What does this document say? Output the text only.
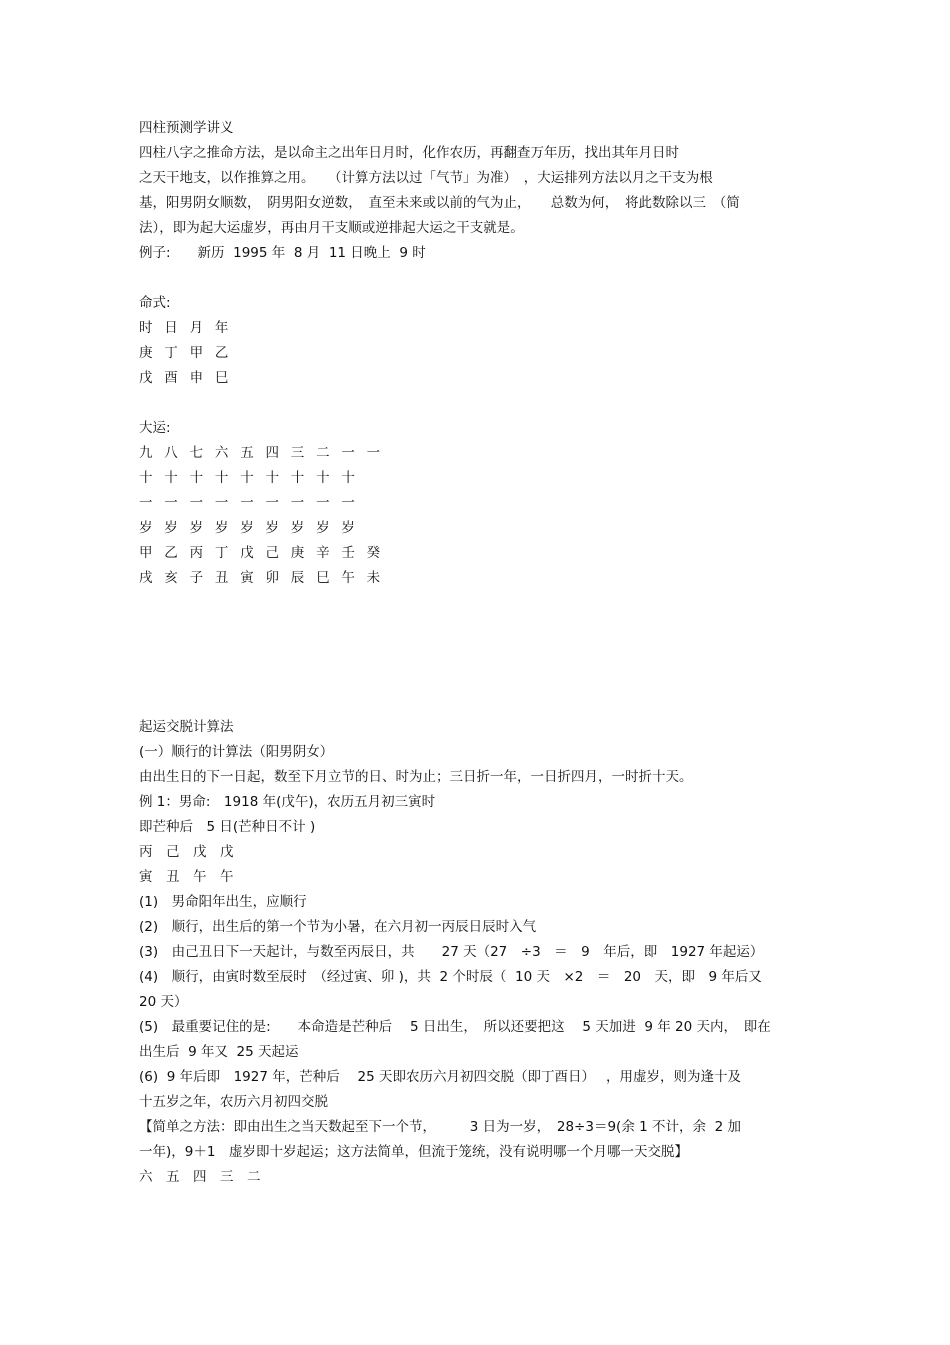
四柱预测学讲义
四柱八字之推命方法，是以命主之出年日月时，化作农历，再翻查万年历，找出其年月日时
之天干地支，以作推算之用。　　（计算方法以过「气节」为准）　，大运排列方法以月之干支为根
基，阳男阴女顺数，　阴男阳女逆数，　直至未来或以前的气为止，　　总数为何，　将此数除以三　（简
法），即为起大运虚岁，再由月干支顺或逆排起大运之干支就是。
例子:　　新历  1995 年  8 月  11 日晚上  9 时
命式:
时 日 月 年
庚 丁 甲 乙
戊 酉 申 巳
大运:
九 八 七 六 五 四 三 二 一 一
十 十 十 十 十 十 十 十 十
一 一 一 一 一 一 一 一 一
岁 岁 岁 岁 岁 岁 岁 岁 岁
甲 乙 丙 丁 戊 己 庚 辛 壬 癸
戌 亥 子 丑 寅 卯 辰 巳 午 未
起运交脱计算法
(一）顺行的计算法（阳男阴女）
由出生日的下一日起，数至下月立节的日、时为止；三日折一年，一日折四月，一时折十天。
例 1：男命:　1918 年(戊午)，农历五月初三寅时
即芒种后　5 日(芒种日不计 )
丙　己　戊　戊
寅　丑　午　午
(1)　男命阳年出生，应顺行
(2)　顺行，出生后的第一个节为小暑，在六月初一丙辰日辰时入气
(3)　由己丑日下一天起计，与数至丙辰日，共　　27 天（27　÷3　＝　9　年后，即　1927 年起运）
(4)　顺行，由寅时数至辰时　（经过寅、卯 )，共  2 个时辰（  10 天　×2　＝　20　天，即　9 年后又
20 天）
(5)　最重要记住的是:　　本命造是芒种后　 5 日出生，　所以还要把这　 5 天加进  9 年 20 天内，　即在
出生后  9 年又  25 天起运
(6)  9 年后即　1927 年，芒种后　 25 天即农历六月初四交脱（即丁酉日）　 ，用虚岁，则为逢十及
十五岁之年，农历六月初四交脱
【简单之方法：即由出生之当天数起至下一个节，　　　3 日为一岁，　28÷3＝9(余 1 不计，余  2 加
一年)，9＋1　虚岁即十岁起运；这方法简单，但流于笼统，没有说明哪一个月哪一天交脱】
六　五　四　三　二
